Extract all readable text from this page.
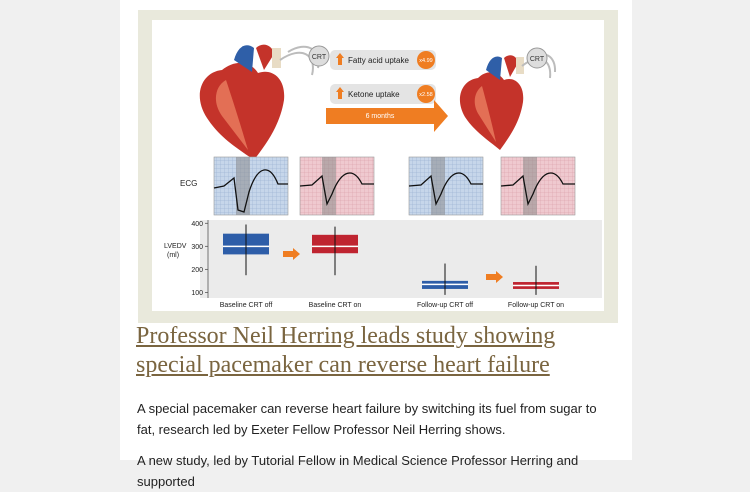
CRT	Fatty acid uptake x4.99
Ketone uptake	x2.58
6 months
CRT
ECG
LVEDV
(ml)
400
300
200
100
Baseline CRT off	Baseline CRT on	Follow-up CRT off	Follow-up CRT on
Professor Neil Herring leads study showing special pacemaker can reverse heart failure

A special pacemaker can reverse heart failure by switching its fuel from sugar to fat, research led by Exeter Fellow Professor Neil Herring shows.

A new study, led by Tutorial Fellow in Medical Science Professor Herring and supported
